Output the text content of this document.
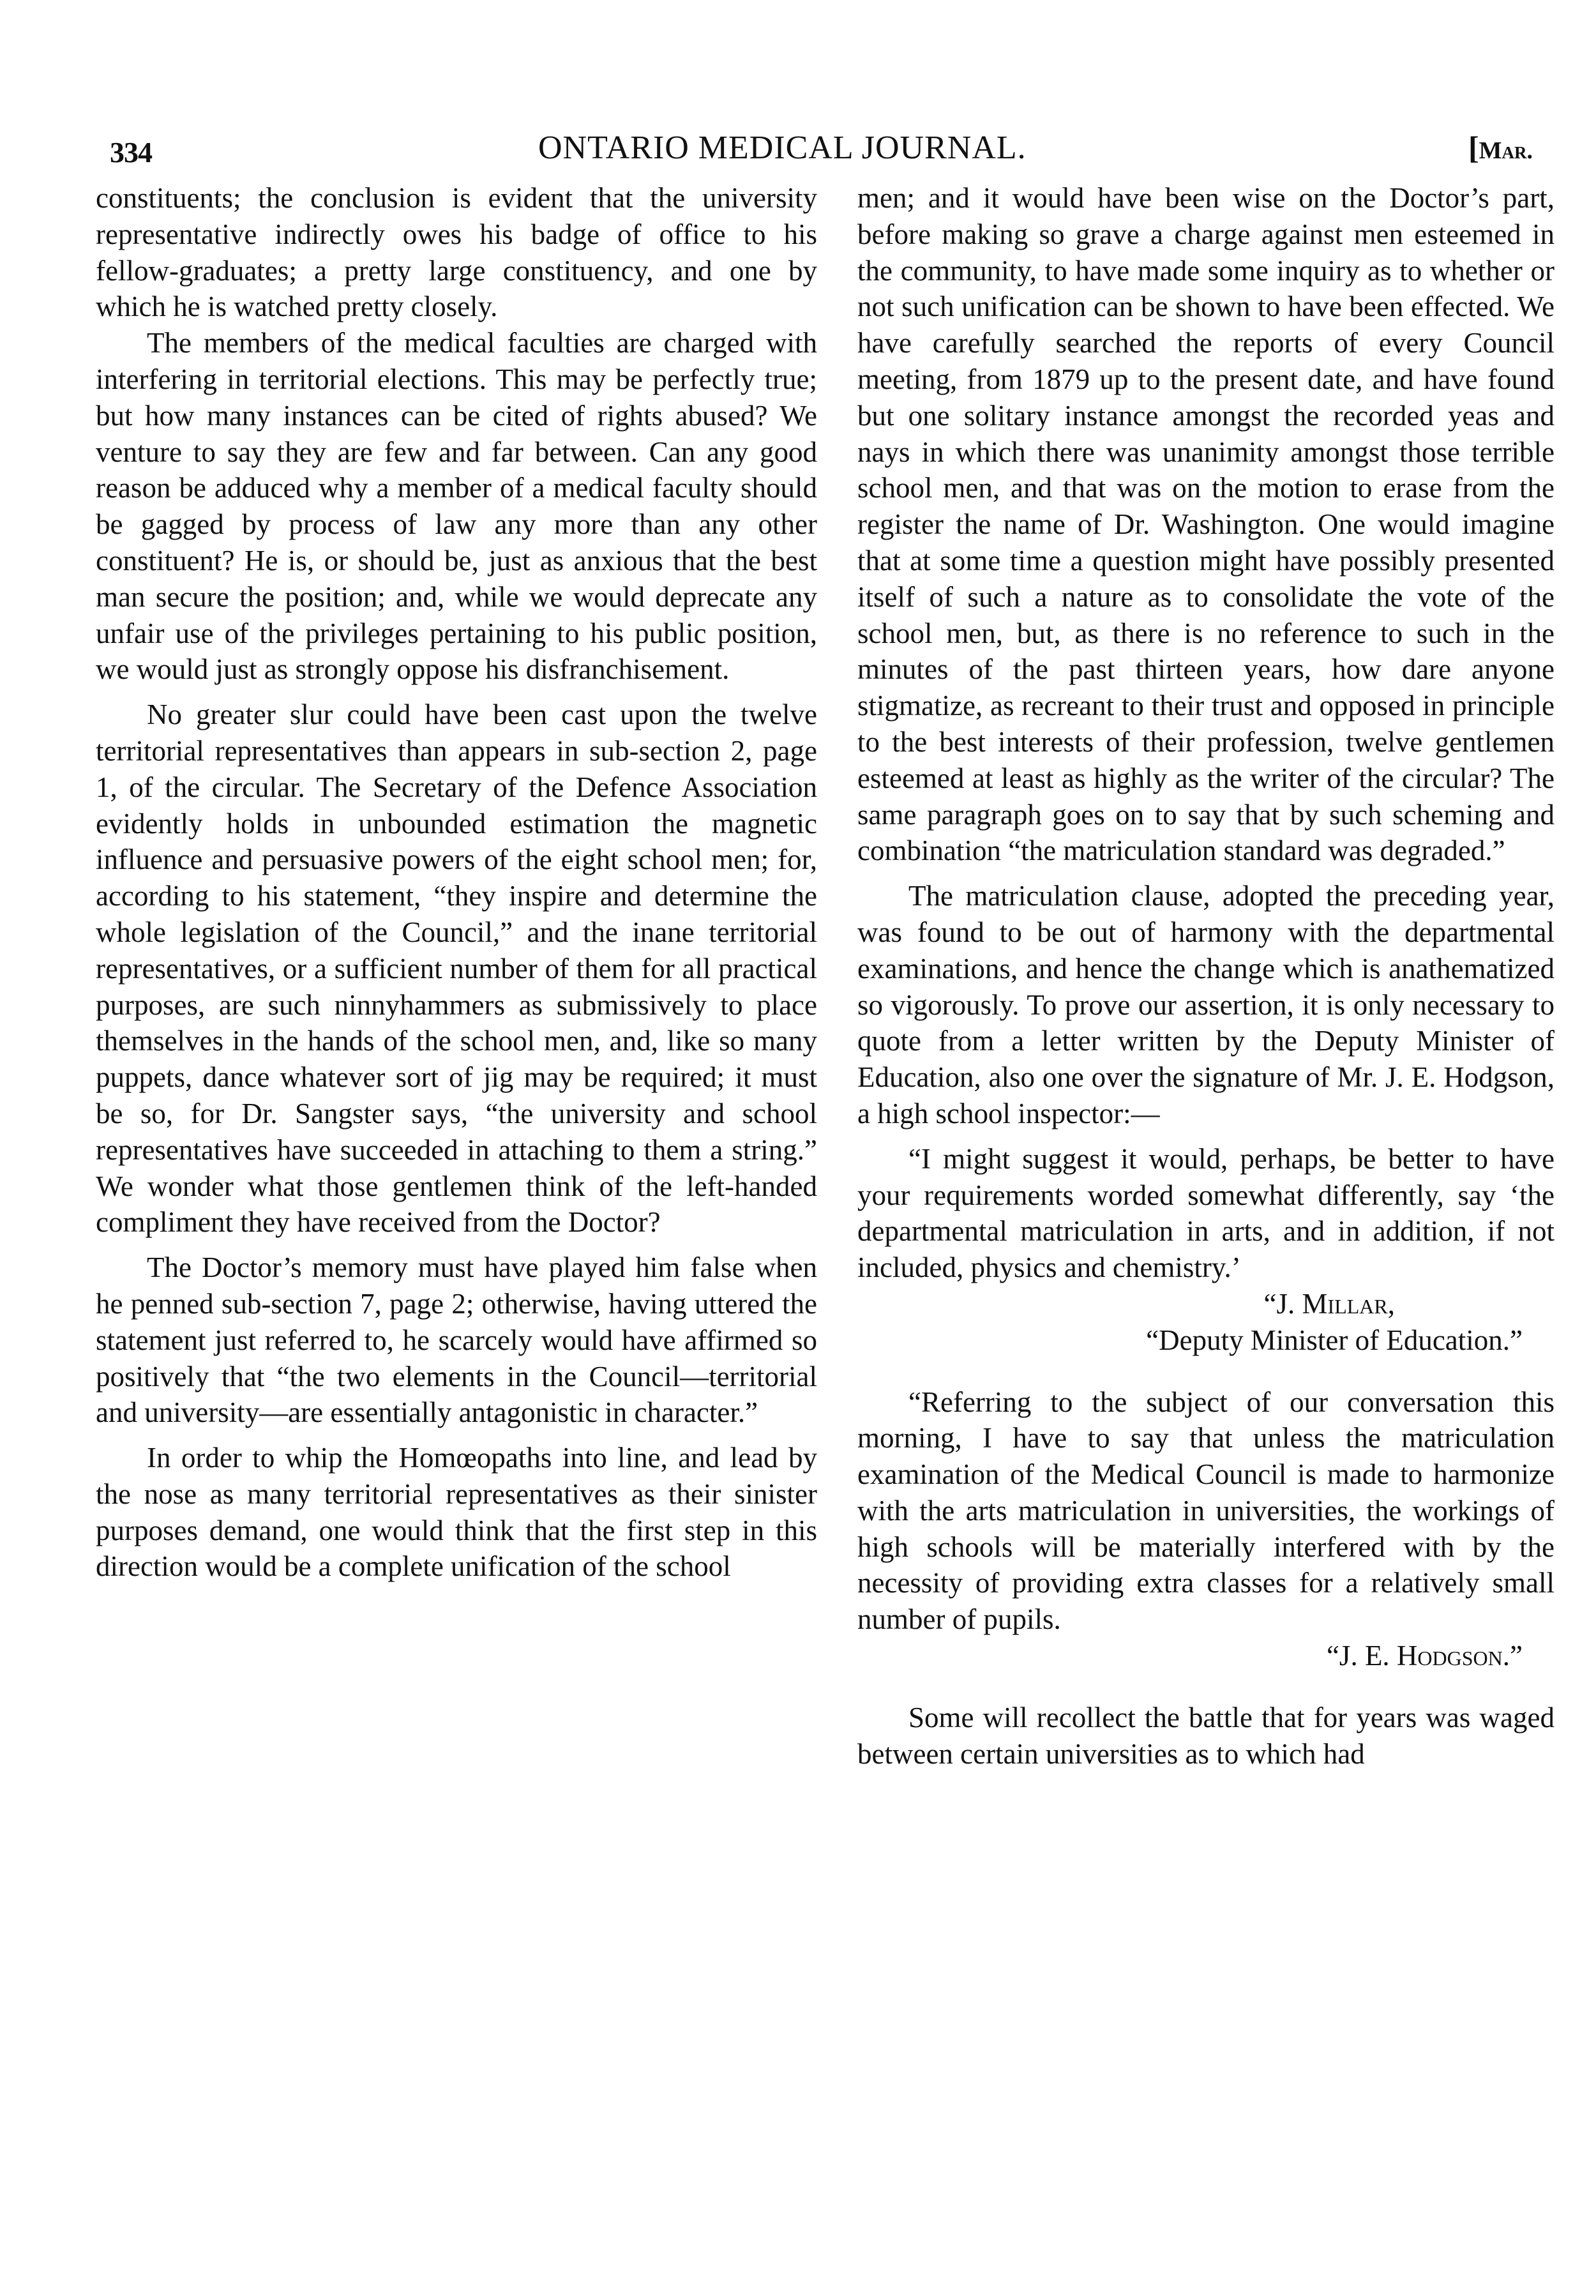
334	ONTARIO MEDICAL JOURNAL.	[Mar.

constituents; the conclusion is evident that the university representative indirectly owes his badge of office to his fellow-graduates; a pretty large constituency, and one by which he is watched pretty closely.

The members of the medical faculties are charged with interfering in territorial elections. This may be perfectly true; but how many instances can be cited of rights abused? We venture to say they are few and far between. Can any good reason be adduced why a member of a medical faculty should be gagged by process of law any more than any other constituent? He is, or should be, just as anxious that the best man secure the position; and, while we would deprecate any unfair use of the privileges pertaining to his public position, we would just as strongly oppose his disfranchisement.

No greater slur could have been cast upon the twelve territorial representatives than appears in sub-section 2, page 1, of the circular. The Secretary of the Defence Association evidently holds in unbounded estimation the magnetic influence and persuasive powers of the eight school men; for, according to his statement, “they inspire and determine the whole legislation of the Council,” and the inane territorial representatives, or a sufficient number of them for all practical purposes, are such ninnyhammers as submissively to place themselves in the hands of the school men, and, like so many puppets, dance whatever sort of jig may be required; it must be so, for Dr. Sangster says, “the university and school representatives have succeeded in attaching to them a string.” We wonder what those gentlemen think of the left-handed compliment they have received from the Doctor?

The Doctor’s memory must have played him false when he penned sub-section 7, page 2; otherwise, having uttered the statement just referred to, he scarcely would have affirmed so positively that “the two elements in the Council—territorial and university—are essentially antagonistic in character.”

In order to whip the Homœopaths into line, and lead by the nose as many territorial representatives as their sinister purposes demand, one would think that the first step in this direction would be a complete unification of the school

men; and it would have been wise on the Doctor’s part, before making so grave a charge against men esteemed in the community, to have made some inquiry as to whether or not such unification can be shown to have been effected. We have carefully searched the reports of every Council meeting, from 1879 up to the present date, and have found but one solitary instance amongst the recorded yeas and nays in which there was unanimity amongst those terrible school men, and that was on the motion to erase from the register the name of Dr. Washington. One would imagine that at some time a question might have possibly presented itself of such a nature as to consolidate the vote of the school men, but, as there is no reference to such in the minutes of the past thirteen years, how dare anyone stigmatize, as recreant to their trust and opposed in principle to the best interests of their profession, twelve gentlemen esteemed at least as highly as the writer of the circular? The same paragraph goes on to say that by such scheming and combination “the matriculation standard was degraded.”

The matriculation clause, adopted the preceding year, was found to be out of harmony with the departmental examinations, and hence the change which is anathematized so vigorously. To prove our assertion, it is only necessary to quote from a letter written by the Deputy Minister of Education, also one over the signature of Mr. J. E. Hodgson, a high school inspector:—

“I might suggest it would, perhaps, be better to have your requirements worded somewhat differently, say ‘the departmental matriculation in arts, and in addition, if not included, physics and chemistry.’

“J. Millar,

“Deputy Minister of Education.”

“Referring to the subject of our conversation this morning, I have to say that unless the matriculation examination of the Medical Council is made to harmonize with the arts matriculation in universities, the workings of high schools will be materially interfered with by the necessity of providing extra classes for a relatively small number of pupils.

“J. E. Hodgson.”

Some will recollect the battle that for years was waged between certain universities as to which had
